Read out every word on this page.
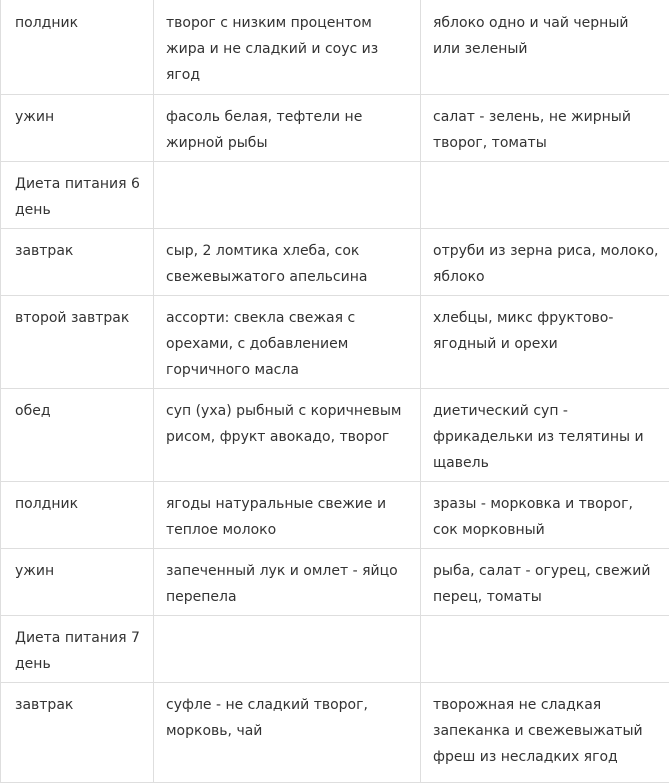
полдник	творог с низким процентом жира и не сладкий и соус из ягод	яблоко одно и чай черный или зеленый
ужин	фасоль белая, тефтели не жирной рыбы	салат - зелень, не жирный творог, томаты
Диета питания 6 день		
завтрак	сыр, 2 ломтика хлеба, сок свежевыжатого апельсина	отруби из зерна риса, молоко, яблоко
второй завтрак	ассорти: свекла свежая с орехами, с добавлением горчичного масла	хлебцы, микс фруктово-ягодный и орехи
обед	суп (уха) рыбный с коричневым рисом, фрукт авокадо, творог	диетический суп - фрикадельки из телятины и щавель
полдник	ягоды натуральные свежие и теплое молоко	зразы - морковка и творог, сок морковный
ужин	запеченный лук и омлет - яйцо перепела	рыба, салат - огурец, свежий перец, томаты
Диета питания 7 день		
завтрак	суфле - не сладкий творог, морковь, чай	творожная не сладкая запеканка и свежевыжатый фреш из несладких ягод
